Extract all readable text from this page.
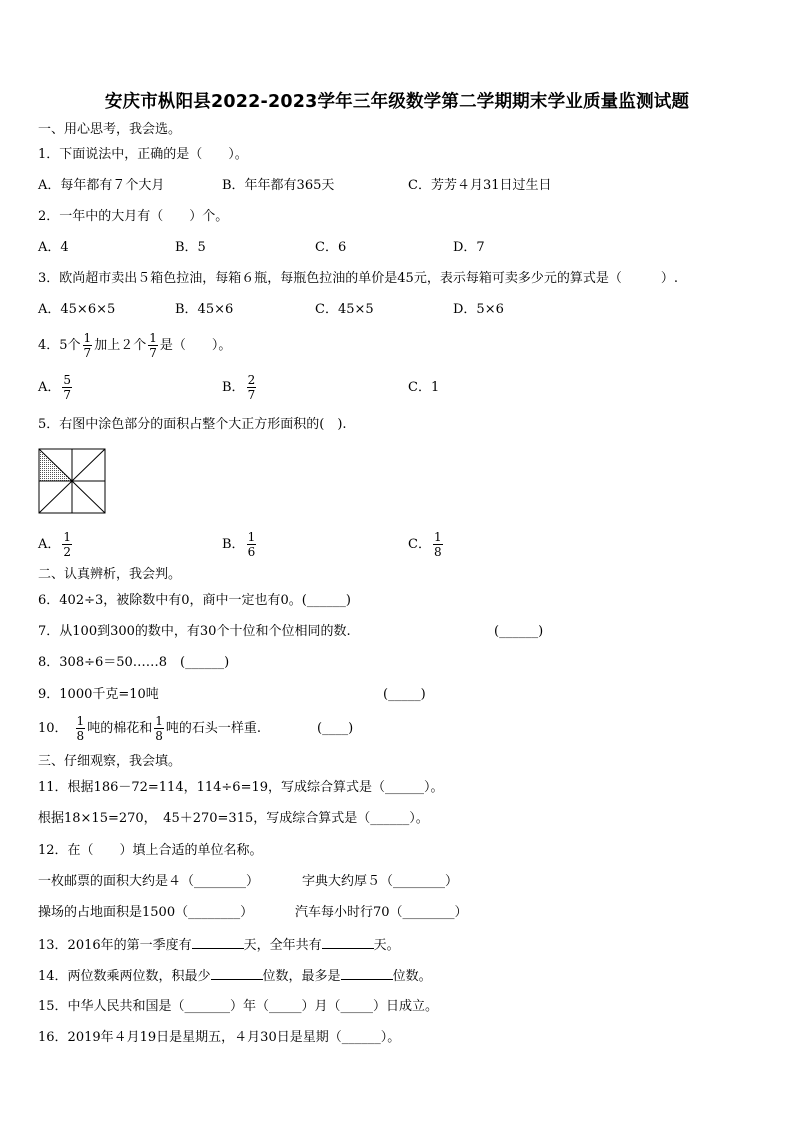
安庆市枞阳县2022-2023学年三年级数学第二学期期末学业质量监测试题
一、用心思考，我会选。
1．下面说法中，正确的是（　　）。
A．每年都有７个大月	B．年年都有365天	C．芳芳４月31日过生日
2．一年中的大月有（　　）个。
A．4	B．5	C．6	D．7
3．欧尚超市卖出５箱色拉油，每箱６瓶，每瓶色拉油的单价是45元，表示每箱可卖多少元的算式是（　　　）.
A．45×6×5	B．45×6	C．45×5	D．5×6
4．5个 $\frac{1}{7}$ 加上２个 $\frac{1}{7}$ 是（　　）。
A． $\frac{5}{7}$	B． $\frac{2}{7}$	C．1
5．右图中涂色部分的面积占整个大正方形面积的(　).
A． $\frac{1}{2}$	B． $\frac{1}{6}$	C． $\frac{1}{8}$
二、认真辨析，我会判。
6．402÷3，被除数中有0，商中一定也有0。(______)
7．从100到300的数中，有30个十位和个位相同的数.	(______)
8．308÷6＝50……8　(______)
9．1000千克=10吨	(_____)
10． $\frac{1}{8}$ 吨的棉花和 $\frac{1}{8}$ 吨的石头一样重.	(____)
三、仔细观察，我会填。
11．根据186－72=114，114÷6=19，写成综合算式是（______）。
根据18×15=270，　45＋270=315，写成综合算式是（______）。
12．在（　　）填上合适的单位名称。
一枚邮票的面积大约是４（________）	字典大约厚５（________）
操场的占地面积是1500（________）	汽车每小时行70（________）
13．2016年的第一季度有	天，全年共有	天。
14．两位数乘两位数，积最少	位数，最多是	位数。
15．中华人民共和国是（_______）年（_____）月（_____）日成立。
16．2019年４月19日是星期五，４月30日是星期（______）。
